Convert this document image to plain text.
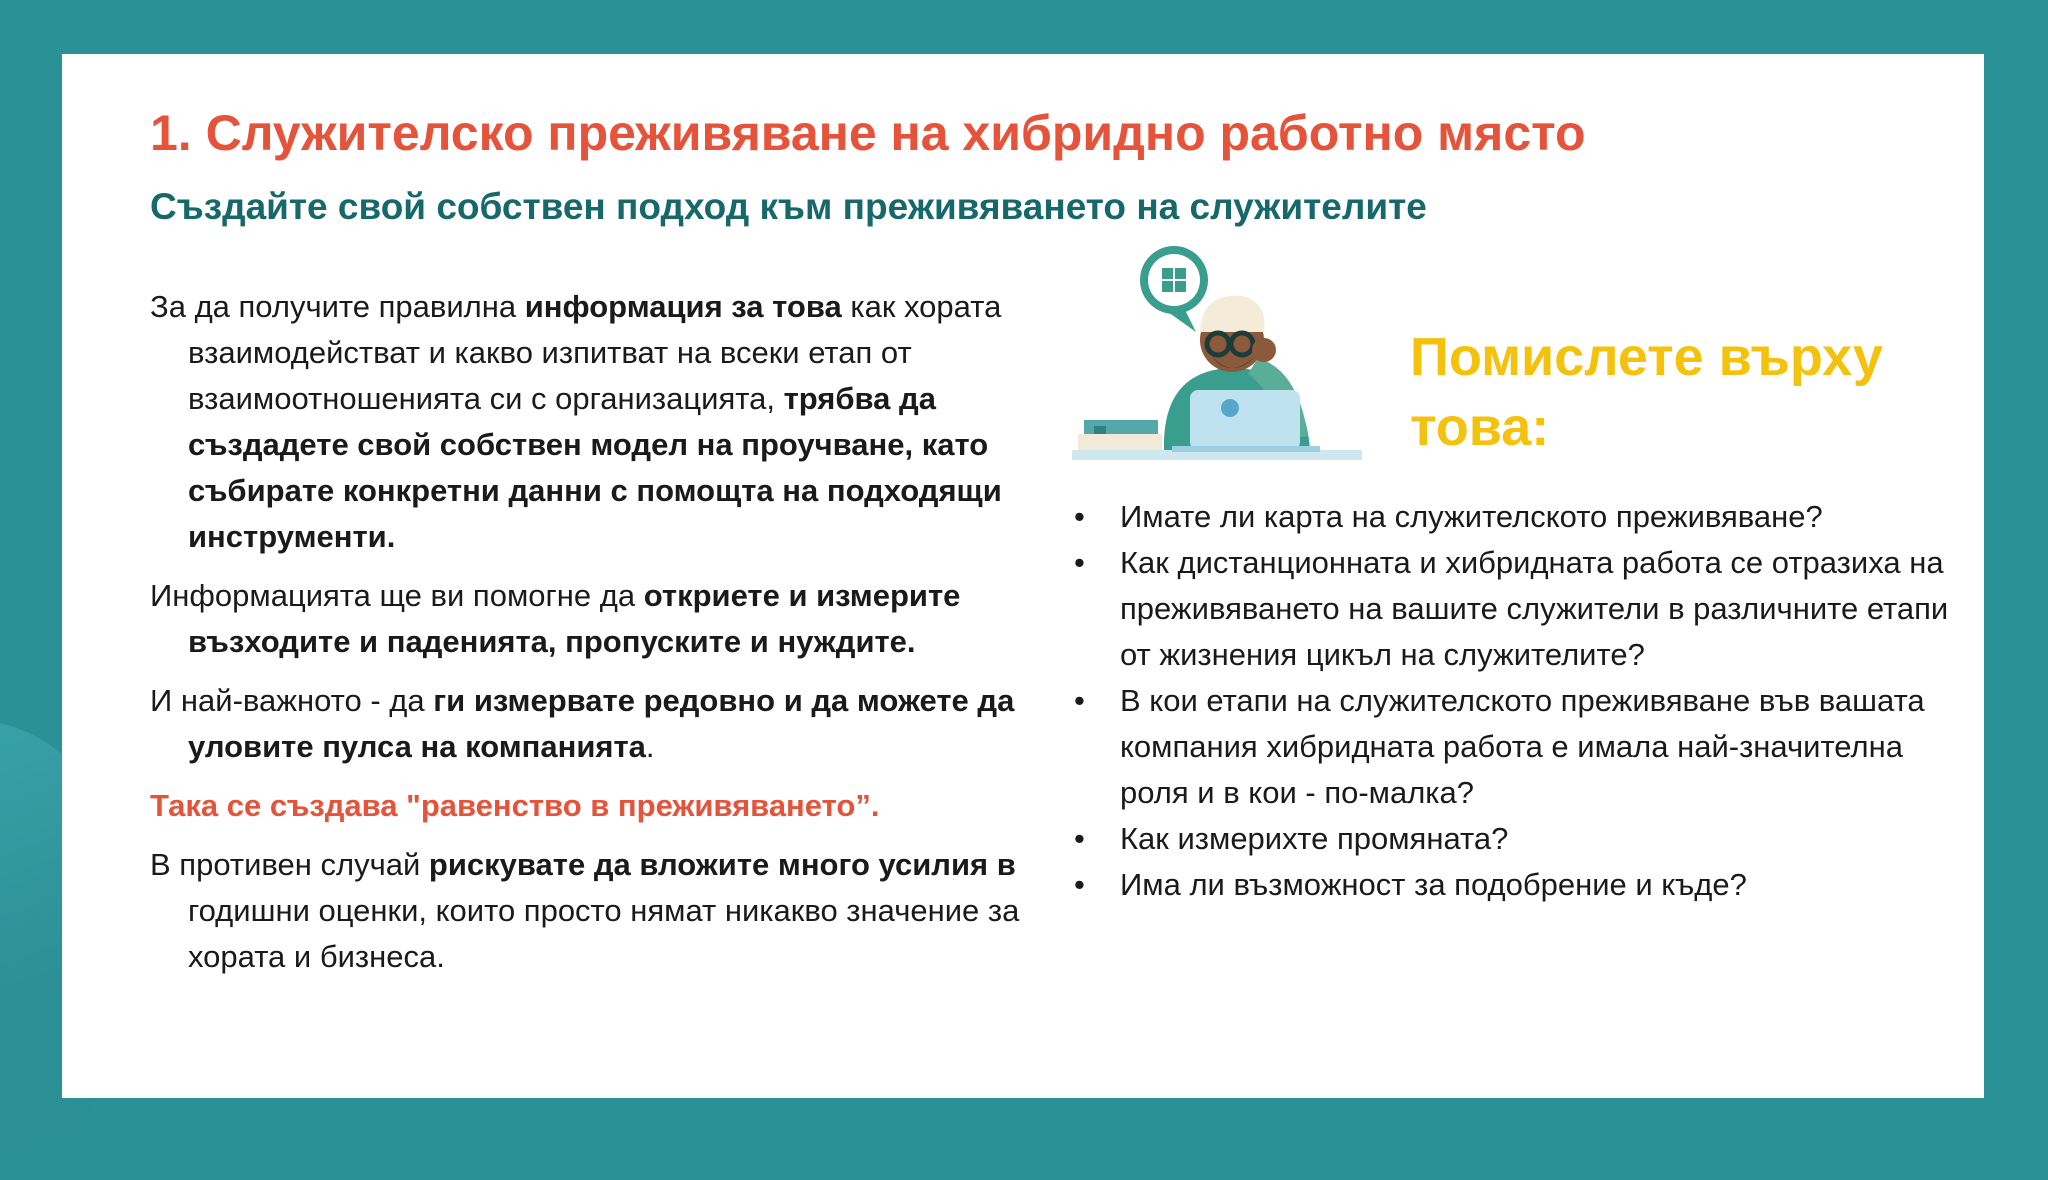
1. Служителско преживяване на хибридно работно място
Създайте свой собствен подход към преживяването на служителите

За да получите правилна информация за това как хората взаимодействат и какво изпитват на всеки етап от взаимоотношенията си с организацията, трябва да създадете свой собствен модел на проучване, като събирате конкретни данни с помощта на подходящи инструменти.

Информацията ще ви помогне да откриете и измерите възходите и паденията, пропуските и нуждите.

И най-важното - да ги измервате редовно и да можете да уловите пулса на компанията.

Така се създава "равенство в преживяването”.

В противен случай рискувате да вложите много усилия в годишни оценки, които просто нямат никакво значение за хората и бизнеса.

Помислете върху това:
• Имате ли карта на служителското преживяване?
• Как дистанционната и хибридната работа се отразиха на преживяването на вашите служители в различните етапи от жизнения цикъл на служителите?
• В кои етапи на служителското преживяване във вашата компания хибридната работа е имала най-значителна роля и в кои - по-малка?
• Как измерихте промяната?
• Има ли възможност за подобрение и къде?
